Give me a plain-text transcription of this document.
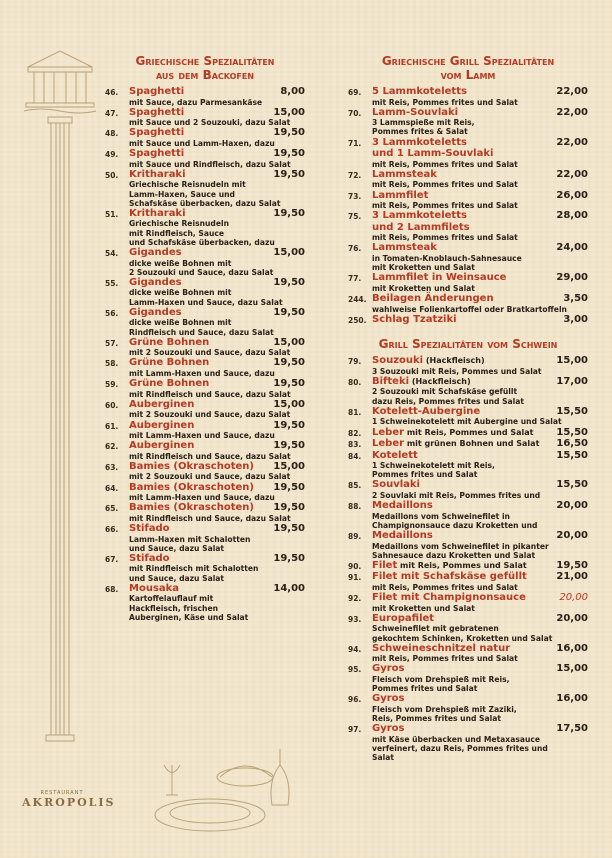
RESTAURANT
AKROPOLIS
Griechische Spezialitäten
aus dem Backofen
46.	Spaghetti	8,00
mit Sauce, dazu Parmesankäse
47.	Spaghetti	15,00
mit Sauce und 2 Souzouki, dazu Salat
48.	Spaghetti	19,50
mit Sauce und Lamm-Haxen, dazu
49.	Spaghetti	19,50
mit Sauce und Rindfleisch, dazu Salat
50.	Kritharaki	19,50
Griechische Reisnudeln mit
Lamm-Haxen, Sauce und
Schafskäse überbacken, dazu Salat
51.	Kritharaki	19,50
Griechische Reisnudeln
mit Rindfleisch, Sauce
und Schafskäse überbacken, dazu
54.	Gigandes	15,00
dicke weiße Bohnen mit
2 Souzouki und Sauce, dazu Salat
55.	Gigandes	19,50
dicke weiße Bohnen mit
Lamm-Haxen und Sauce, dazu Salat
56.	Gigandes	19,50
dicke weiße Bohnen mit
Rindfleisch und Sauce, dazu Salat
57.	Grüne Bohnen	15,00
mit 2 Souzouki und Sauce, dazu Salat
58.	Grüne Bohnen	19,50
mit Lamm-Haxen und Sauce, dazu
59.	Grüne Bohnen	19,50
mit Rindfleisch und Sauce, dazu Salat
60.	Auberginen	15,00
mit 2 Souzouki und Sauce, dazu Salat
61.	Auberginen	19,50
mit Lamm-Haxen und Sauce, dazu
62.	Auberginen	19,50
mit Rindfleisch und Sauce, dazu Salat
63.	Bamies (Okraschoten) 15,00
mit 2 Souzouki und Sauce, dazu Salat
64.	Bamies (Okraschoten) 19,50
mit Lamm-Haxen und Sauce, dazu
65.	Bamies (Okraschoten) 19,50
mit Rindfleisch und Sauce, dazu Salat
66.	Stifado	19,50
Lamm-Haxen mit Schalotten
und Sauce, dazu Salat
67.	Stifado	19,50
mit Rindfleisch mit Schalotten
und Sauce, dazu Salat
68.	Mousaka	14,00
Kartoffelauflauf mit
Hackfleisch, frischen
Auberginen, Käse und Salat
Griechische Grill Spezialitäten
vom Lamm
69.	5 Lammkoteletts	22,00
mit Reis, Pommes frites und Salat
70.	Lamm-Souvlaki	22,00
3 Lammspieße mit Reis,
Pommes frites & Salat
71.	3 Lammkoteletts
und 1 Lamm-Souvlaki
22,00
mit Reis, Pommes frites und Salat
72.	Lammsteak	22,00
mit Reis, Pommes frites und Salat
73.	Lammfilet	26,00
mit Reis, Pommes frites und Salat
75.	3 Lammkoteletts
und 2 Lammfilets
28,00
mit Reis, Pommes frites und Salat
76.	Lammsteak	24,00
in Tomaten-Knoblauch-Sahnesauce
mit Kroketten und Salat
77.	Lammfilet in Weinsauce	29,00
mit Kroketten und Salat
244. Beilagen Änderungen	3,50
wahlweise Folienkartoffel oder Bratkartoffeln
250. Schlag Tzatziki	3,00
Grill Spezialitäten vom Schwein
79.	Souzouki (Hackfleisch)	15,00
3 Souzouki mit Reis, Pommes und Salat
80.	Bifteki (Hackfleisch)	17,00
2 Souzouki mit Schafskäse gefüllt
dazu Reis, Pommes frites und Salat
81.	Kotelett-Aubergine	15,50
1 Schweinekotelett mit Aubergine und Salat
82.	Leber mit Reis, Pommes und Salat 15,50
83.	Leber mit grünen Bohnen und Salat 16,50
84.	Kotelett	15,50
1 Schweinekotelett mit Reis,
Pommes frites und Salat
85.	Souvlaki	15,50
2 Souvlaki mit Reis, Pommes frites und
88.	Medaillons	20,00
Medaillons vom Schweinefilet in
Champignonsauce dazu Kroketten und
89.	Medaillons	20,00
Medaillons vom Schweinefilet in pikanter
Sahnesauce dazu Kroketten und Salat
90.	Filet mit Reis, Pommes und Salat	19,50
91.	Filet mit Schafskäse gefüllt	21,00
mit Reis, Pommes frites und Salat
92.	Filet mit Champignonsauce	20,00
mit Kroketten und Salat
93.	Europafilet	20,00
Schweinefilet mit gebratenen
gekochtem Schinken, Kroketten und Salat
94.	Schweineschnitzel natur	16,00
mit Reis, Pommes frites und Salat
95.	Gyros	15,00
Fleisch vom Drehspieß mit Reis,
Pommes frites und Salat
96.	Gyros	16,00
Fleisch vom Drehspieß mit Zaziki,
Reis, Pommes frites und Salat
97.	Gyros	17,50
mit Käse überbacken und Metaxasauce
verfeinert, dazu Reis, Pommes frites und
Salat
